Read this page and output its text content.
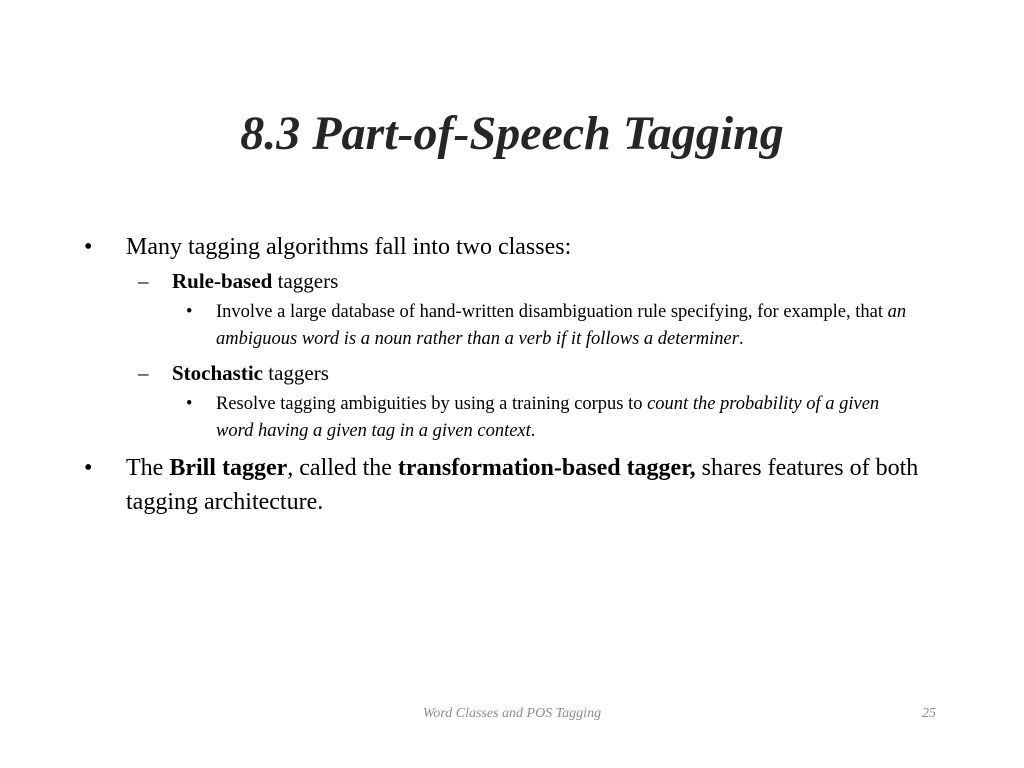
8.3 Part-of-Speech Tagging
• Many tagging algorithms fall into two classes:
– Rule-based taggers
• Involve a large database of hand-written disambiguation rule specifying, for example, that an ambiguous word is a noun rather than a verb if it follows a determiner.
– Stochastic taggers
• Resolve tagging ambiguities by using a training corpus to count the probability of a given word having a given tag in a given context.
• The Brill tagger, called the transformation-based tagger, shares features of both tagging architecture.
Word Classes and POS Tagging	25
